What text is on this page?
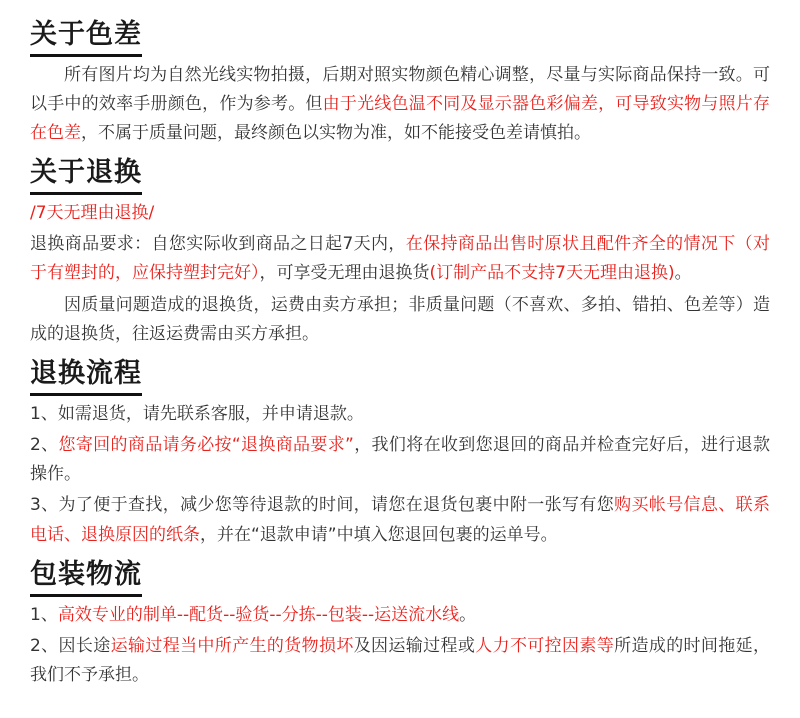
关于色差

所有图片均为自然光线实物拍摄，后期对照实物颜色精心调整，尽量与实际商品保持一致。可以手中的效率手册颜色，作为参考。但由于光线色温不同及显示器色彩偏差，可导致实物与照片存在色差，不属于质量问题，最终颜色以实物为准，如不能接受色差请慎拍。

关于退换

/7天无理由退换/

退换商品要求：自您实际收到商品之日起7天内，在保持商品出售时原状且配件齐全的情况下（对于有塑封的，应保持塑封完好），可享受无理由退换货(订制产品不支持7天无理由退换)。

因质量问题造成的退换货，运费由卖方承担；非质量问题（不喜欢、多拍、错拍、色差等）造成的退换货，往返运费需由买方承担。

退换流程

1、如需退货，请先联系客服，并申请退款。

2、您寄回的商品请务必按“退换商品要求”，我们将在收到您退回的商品并检查完好后，进行退款操作。

3、为了便于查找，减少您等待退款的时间，请您在退货包裹中附一张写有您购买帐号信息、联系电话、退换原因的纸条，并在“退款申请”中填入您退回包裹的运单号。

包装物流

1、高效专业的制单--配货--验货--分拣--包装--运送流水线。

2、因长途运输过程当中所产生的货物损坏及因运输过程或人力不可控因素等所造成的时间拖延，我们不予承担。
